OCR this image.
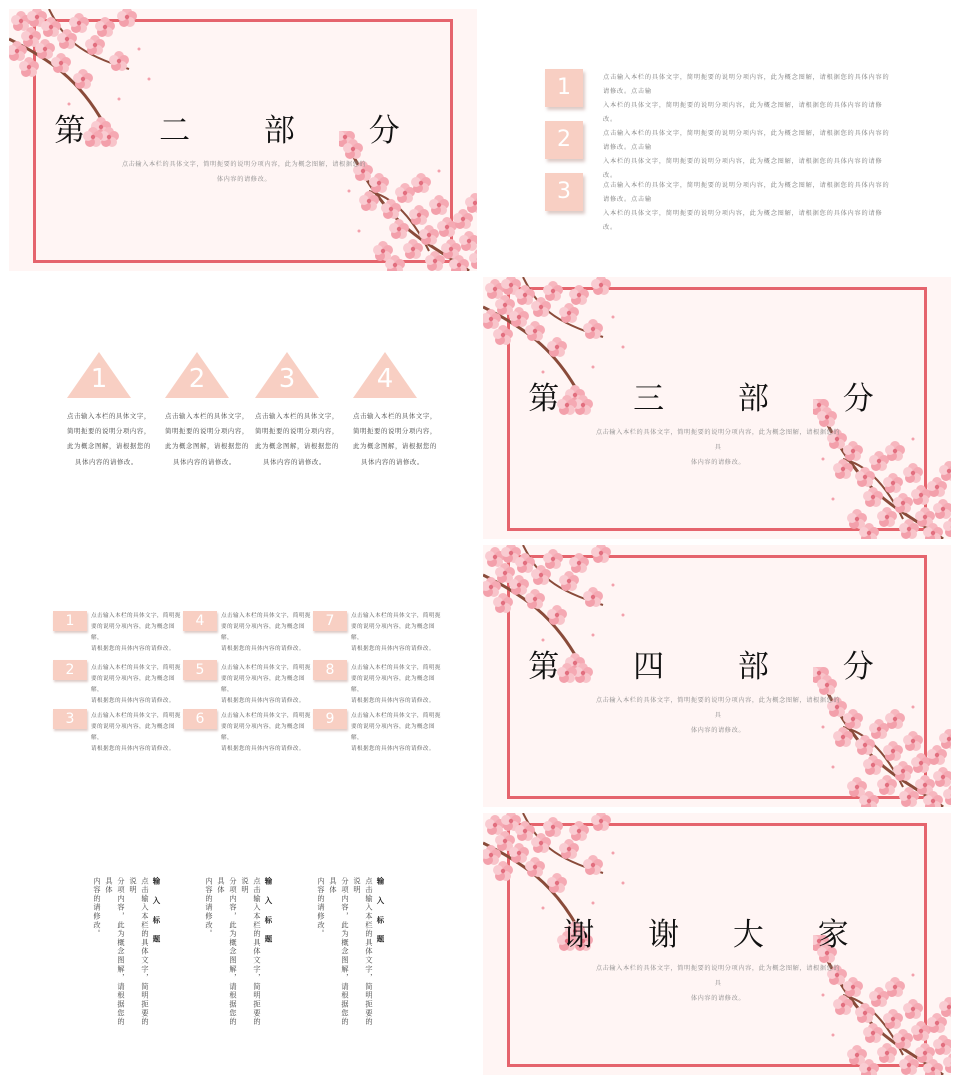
第 二 部 分
点击输入本栏的具体文字，简明扼要的说明分项内容，此为概念图解，请根据您的
体内容的请修改。
1	点击输入本栏的具体文字，简明扼要的说明分项内容，此为概念图解，请根据您的具体内容的请修改。点击输
入本栏的具体文字，简明扼要的说明分项内容，此为概念图解，请根据您的具体内容的请修改。
2	点击输入本栏的具体文字，简明扼要的说明分项内容，此为概念图解，请根据您的具体内容的请修改。点击输
入本栏的具体文字，简明扼要的说明分项内容，此为概念图解，请根据您的具体内容的请修改。
3	点击输入本栏的具体文字，简明扼要的说明分项内容，此为概念图解，请根据您的具体内容的请修改。点击输
入本栏的具体文字，简明扼要的说明分项内容，此为概念图解，请根据您的具体内容的请修改。
1
点击输入本栏的具体文字，
简明扼要的说明分项内容，
此为概念图解，请根据您的
具体内容的请修改。
2
点击输入本栏的具体文字，
简明扼要的说明分项内容，
此为概念图解，请根据您的
具体内容的请修改。
3
点击输入本栏的具体文字，
简明扼要的说明分项内容，
此为概念图解，请根据您的
具体内容的请修改。
4
点击输入本栏的具体文字，
简明扼要的说明分项内容，
此为概念图解，请根据您的
具体内容的请修改。
第 三 部 分
点击输入本栏的具体文字，简明扼要的说明分项内容，此为概念图解，请根据您的具
体内容的请修改。
1	点击输入本栏的具体文字，简明扼
要的说明分项内容，此为概念图解，
请根据您的具体内容的请修改。
2	点击输入本栏的具体文字，简明扼
要的说明分项内容，此为概念图解，
请根据您的具体内容的请修改。
3	点击输入本栏的具体文字，简明扼
要的说明分项内容，此为概念图解，
请根据您的具体内容的请修改。
4	点击输入本栏的具体文字，简明扼
要的说明分项内容，此为概念图解，
请根据您的具体内容的请修改。
5	点击输入本栏的具体文字，简明扼
要的说明分项内容，此为概念图解，
请根据您的具体内容的请修改。
6	点击输入本栏的具体文字，简明扼
要的说明分项内容，此为概念图解，
请根据您的具体内容的请修改。
7	点击输入本栏的具体文字，简明扼
要的说明分项内容，此为概念图解，
请根据您的具体内容的请修改。
8	点击输入本栏的具体文字，简明扼
要的说明分项内容，此为概念图解，
请根据您的具体内容的请修改。
9	点击输入本栏的具体文字，简明扼
要的说明分项内容，此为概念图解，
请根据您的具体内容的请修改。
第 四 部 分
点击输入本栏的具体文字，简明扼要的说明分项内容，此为概念图解，请根据您的具
体内容的请修改。
输入标题
点击输入本栏的具体文字，简明扼要的说明
分项内容，此为概念图解，请根据您的具体
内容的请修改。	输入标题
点击输入本栏的具体文字，简明扼要的说明
分项内容，此为概念图解，请根据您的具体
内容的请修改。	输入标题
点击输入本栏的具体文字，简明扼要的说明
分项内容，此为概念图解，请根据您的具体
内容的请修改。	谢 谢 大 家
点击输入本栏的具体文字，简明扼要的说明分项内容，此为概念图解，请根据您的具
体内容的请修改。
